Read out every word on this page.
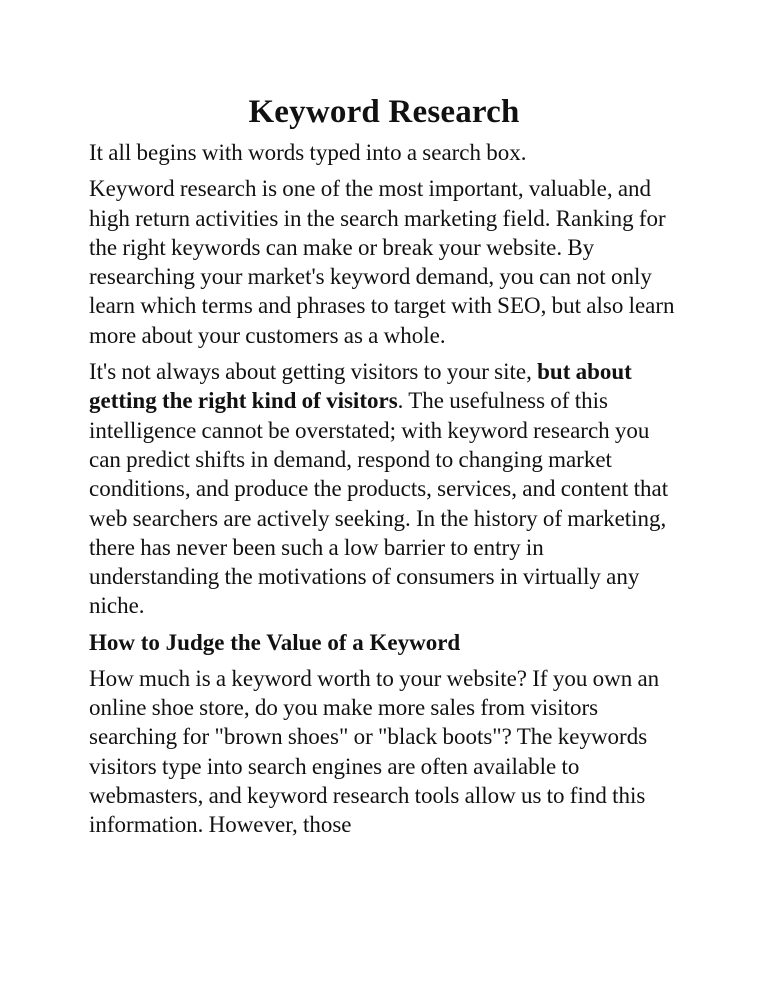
Keyword Research

It all begins with words typed into a search box.

Keyword research is one of the most important, valuable, and high return activities in the search marketing field. Ranking for the right keywords can make or break your website. By researching your market's keyword demand, you can not only learn which terms and phrases to target with SEO, but also learn more about your customers as a whole.

It's not always about getting visitors to your site, but about getting the right kind of visitors. The usefulness of this intelligence cannot be overstated; with keyword research you can predict shifts in demand, respond to changing market conditions, and produce the products, services, and content that web searchers are actively seeking. In the history of marketing, there has never been such a low barrier to entry in understanding the motivations of consumers in virtually any niche.

How to Judge the Value of a Keyword

How much is a keyword worth to your website? If you own an online shoe store, do you make more sales from visitors searching for "brown shoes" or "black boots"? The keywords visitors type into search engines are often available to webmasters, and keyword research tools allow us to find this information. However, those
